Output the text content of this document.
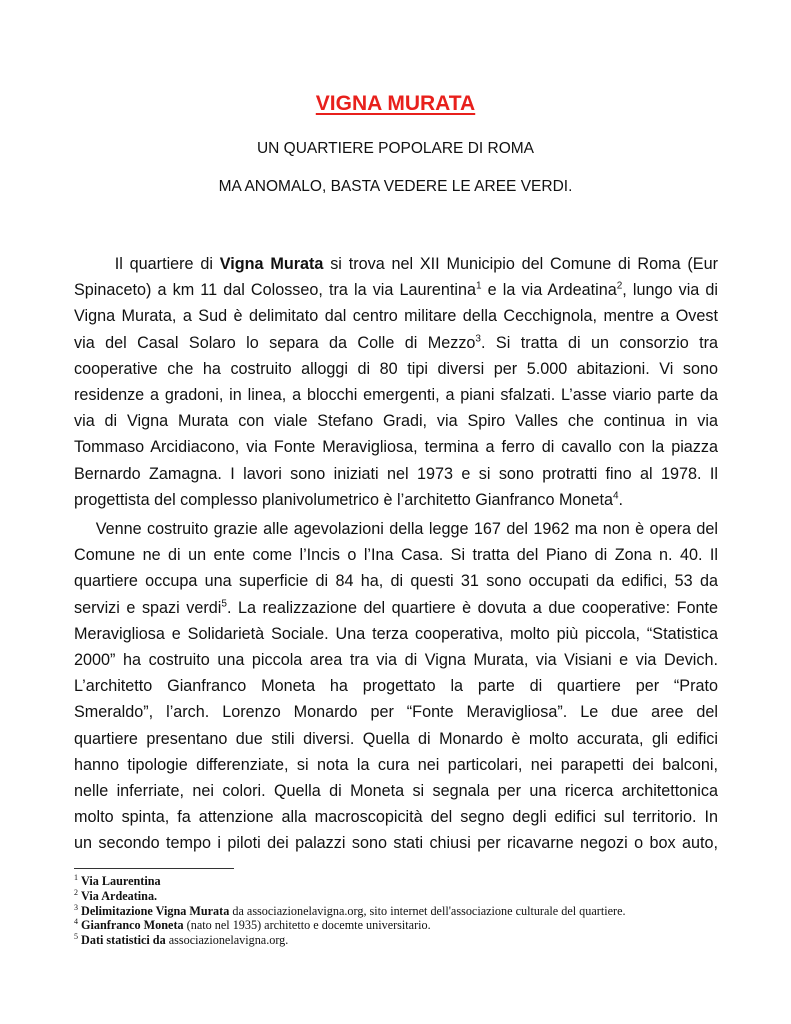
VIGNA MURATA
UN QUARTIERE POPOLARE DI ROMA
MA ANOMALO, BASTA VEDERE LE AREE VERDI.
Il quartiere di Vigna Murata si trova nel XII Municipio del Comune di Roma (Eur
Spinaceto) a km 11 dal Colosseo, tra la via Laurentina$^1$ e la via Ardeatina$^2$, lungo via di
Vigna Murata, a Sud è delimitato dal centro militare della Cecchignola, mentre a Ovest
via del Casal Solaro lo separa da Colle di Mezzo$^3$. Si tratta di un consorzio tra
cooperative che ha costruito alloggi di 80 tipi diversi per 5.000 abitazioni. Vi sono
residenze a gradoni, in linea, a blocchi emergenti, a piani sfalzati. L’asse viario parte da
via di Vigna Murata con viale Stefano Gradi, via Spiro Valles che continua in via
Tommaso Arcidiacono, via Fonte Meravigliosa, termina a ferro di cavallo con la piazza
Bernardo Zamagna. I lavori sono iniziati nel 1973 e si sono protratti fino al 1978. Il
progettista del complesso planivolumetrico è l’architetto Gianfranco Moneta$^4$.
Venne costruito grazie alle agevolazioni della legge 167 del 1962 ma non è opera del
Comune ne di un ente come l’Incis o l’Ina Casa. Si tratta del Piano di Zona n. 40. Il
quartiere occupa una superficie di 84 ha, di questi 31 sono occupati da edifici, 53 da
servizi e spazi verdi$^5$. La realizzazione del quartiere è dovuta a due cooperative: Fonte
Meravigliosa e Solidarietà Sociale. Una terza cooperativa, molto più piccola, “Statistica
2000” ha costruito una piccola area tra via di Vigna Murata, via Visiani e via Devich.
L’architetto Gianfranco Moneta ha progettato la parte di quartiere per “Prato
Smeraldo”, l’arch. Lorenzo Monardo per “Fonte Meravigliosa”. Le due aree del
quartiere presentano due stili diversi. Quella di Monardo è molto accurata, gli edifici
hanno tipologie differenziate, si nota la cura nei particolari, nei parapetti dei balconi,
nelle inferriate, nei colori. Quella di Moneta si segnala per una ricerca architettonica
molto spinta, fa attenzione alla macroscopicità del segno degli edifici sul territorio. In
un secondo tempo i piloti dei palazzi sono stati chiusi per ricavarne negozi o box auto,
$^1$ Via Laurentina
$^2$ Via Ardeatina.
$^3$ Delimitazione Vigna Murata da associazionelavigna.org, sito internet dell'associazione culturale del quartiere.
$^4$ Gianfranco Moneta (nato nel 1935) architetto e docemte universitario.
$^5$ Dati statistici da associazionelavigna.org.
